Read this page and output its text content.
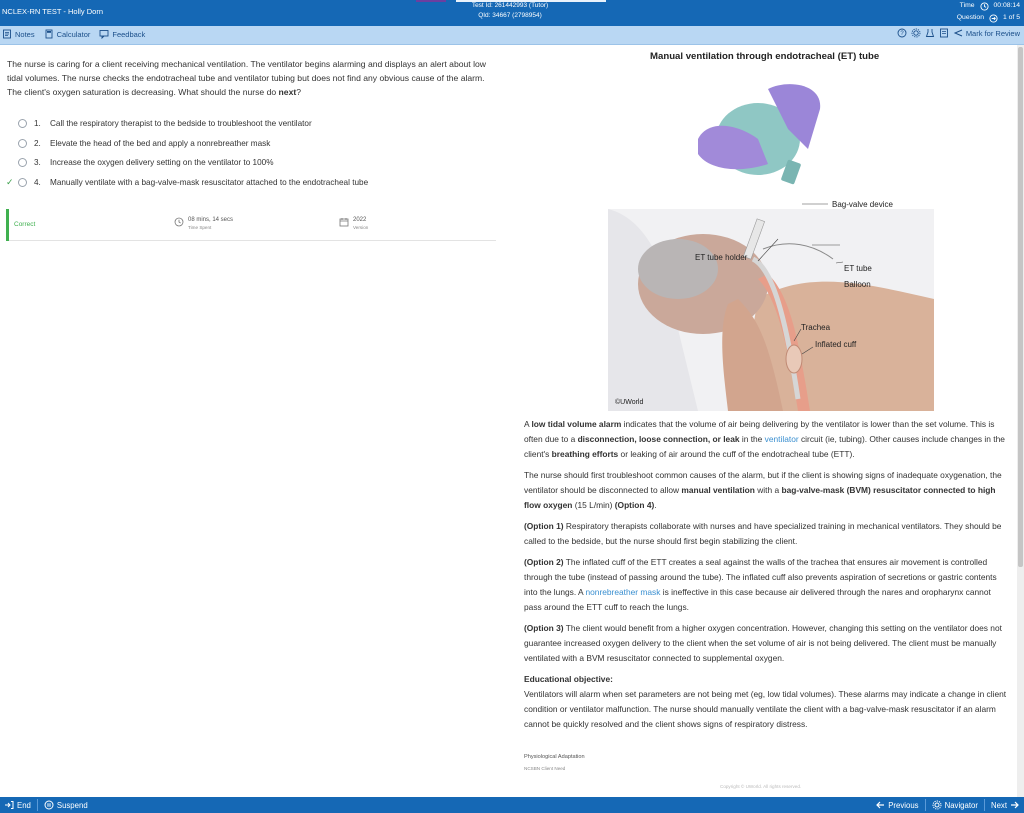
NCLEX-RN TEST - Holly Dorn
Test Id: 261442993 (Tutor)
QId: 34667 (2798954)
Time	00:08:14
Question	1 of 5
Notes	Calculator	Feedback	?	Mark for Review
The nurse is caring for a client receiving mechanical ventilation. The ventilator begins alarming and displays an alert about low tidal volumes. The nurse checks the endotracheal tube and ventilator tubing but does not find any obvious cause of the alarm. The client's oxygen saturation is decreasing. What should the nurse do next?
1.	Call the respiratory therapist to the bedside to troubleshoot the ventilator
2.	Elevate the head of the bed and apply a nonrebreather mask
3.	Increase the oxygen delivery setting on the ventilator to 100%
✓	4.	Manually ventilate with a bag-valve-mask resuscitator attached to the endotracheal tube
Correct
08 mins, 14 secs
Time Spent
2022
Version
Manual ventilation through endotracheal (ET) tube
Bag-valve device
ET tube holder
ET tube
Balloon
Trachea
Inflated cuff
©UWorld

A low tidal volume alarm indicates that the volume of air being delivering by the ventilator is lower than the set volume. This is often due to a disconnection, loose connection, or leak in the ventilator circuit (ie, tubing). Other causes include changes in the client's breathing efforts or leaking of air around the cuff of the endotracheal tube (ETT).

The nurse should first troubleshoot common causes of the alarm, but if the client is showing signs of inadequate oxygenation, the ventilator should be disconnected to allow manual ventilation with a bag-valve-mask (BVM) resuscitator connected to high flow oxygen (15 L/min) (Option 4).

(Option 1) Respiratory therapists collaborate with nurses and have specialized training in mechanical ventilators. They should be called to the bedside, but the nurse should first begin stabilizing the client.

(Option 2) The inflated cuff of the ETT creates a seal against the walls of the trachea that ensures air movement is controlled through the tube (instead of passing around the tube). The inflated cuff also prevents aspiration of secretions or gastric contents into the lungs. A nonrebreather mask is ineffective in this case because air delivered through the nares and oropharynx cannot pass around the ETT cuff to reach the lungs.

(Option 3) The client would benefit from a higher oxygen concentration. However, changing this setting on the ventilator does not guarantee increased oxygen delivery to the client when the set volume of air is not being delivered. The client must be manually ventilated with a BVM resuscitator connected to supplemental oxygen.

Educational objective:
Ventilators will alarm when set parameters are not being met (eg, low tidal volumes). These alarms may indicate a change in client condition or ventilator malfunction. The nurse should manually ventilate the client with a bag-valve-mask resuscitator if an alarm cannot be quickly resolved and the client shows signs of respiratory distress.
Physiological Adaptation
NCSBN Client Need
Copyright © UWorld. All rights reserved.
End	Suspend	Previous	Navigator Next
